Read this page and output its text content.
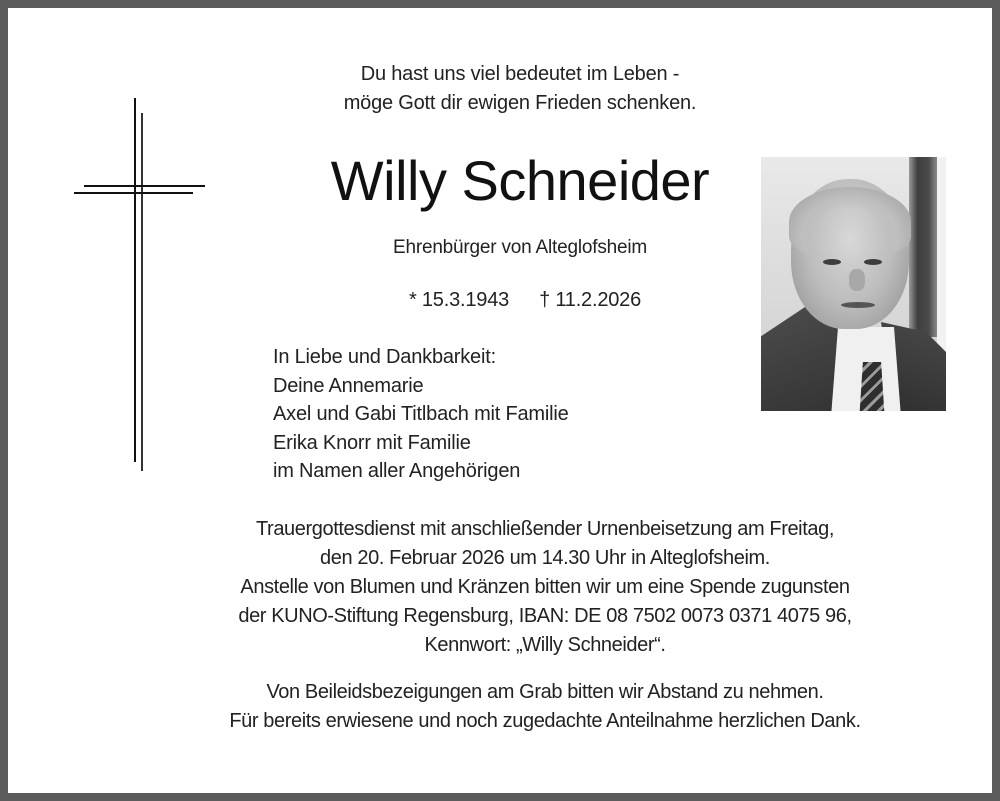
Du hast uns viel bedeutet im Leben -
möge Gott dir ewigen Frieden schenken.
Willy Schneider
Ehrenbürger von Alteglofsheim
* 15.3.1943 † 11.2.2026
In Liebe und Dankbarkeit:
Deine Annemarie
Axel und Gabi Titlbach mit Familie
Erika Knorr mit Familie
im Namen aller Angehörigen
Trauergottesdienst mit anschließender Urnenbeisetzung am Freitag,
den 20. Februar 2026 um 14.30 Uhr in Alteglofsheim.
Anstelle von Blumen und Kränzen bitten wir um eine Spende zugunsten
der KUNO-Stiftung Regensburg, IBAN: DE 08 7502 0073 0371 4075 96,
Kennwort: „Willy Schneider“.
Von Beileidsbezeigungen am Grab bitten wir Abstand zu nehmen.
Für bereits erwiesene und noch zugedachte Anteilnahme herzlichen Dank.
